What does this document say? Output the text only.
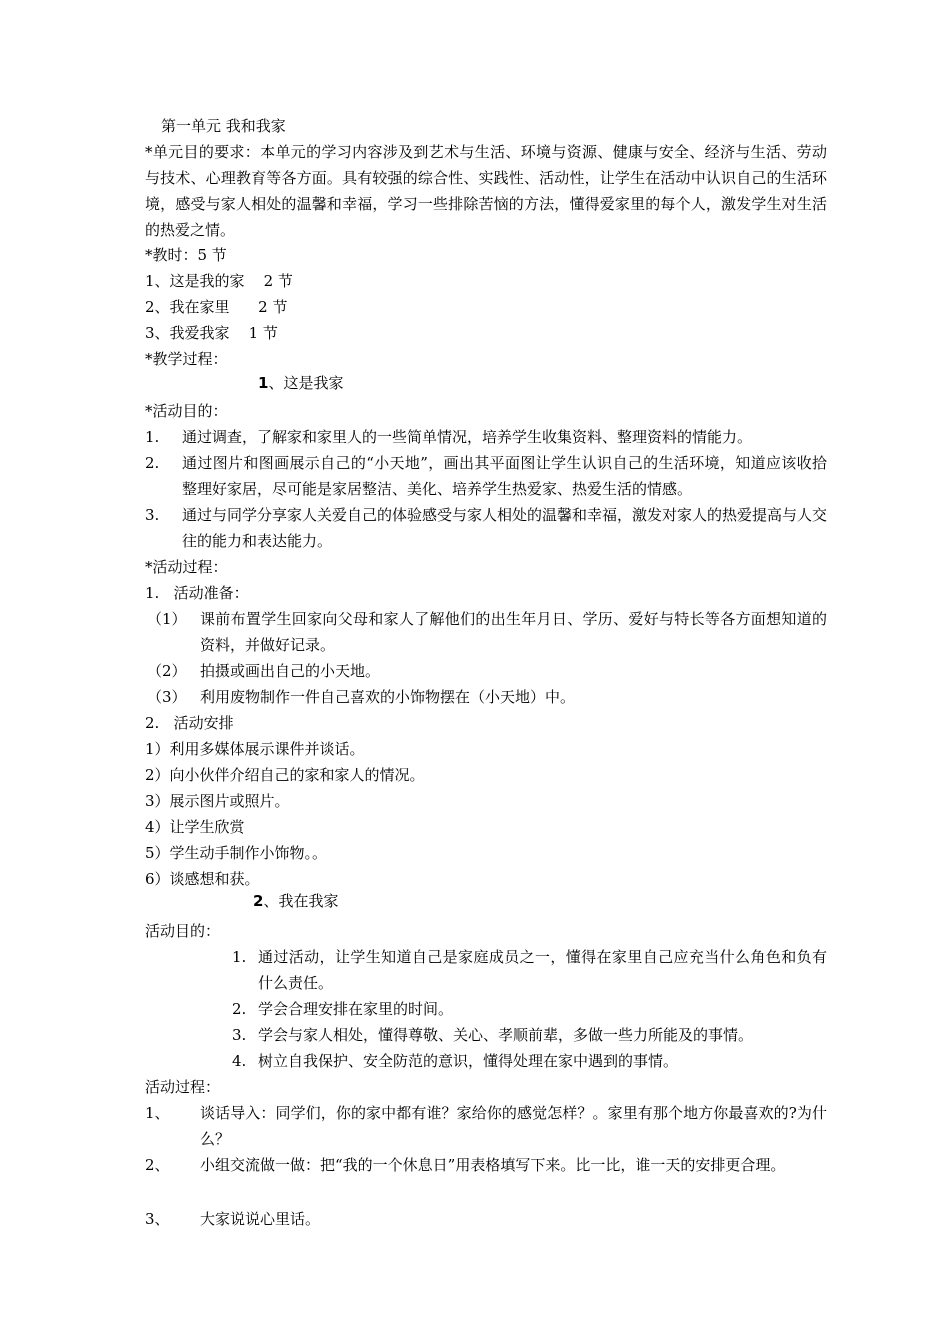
第一单元 我和我家
*单元目的要求：本单元的学习内容涉及到艺术与生活、环境与资源、健康与安全、经济与生活、劳动与技术、心理教育等各方面。具有较强的综合性、实践性、活动性，让学生在活动中认识自己的生活环境，感受与家人相处的温馨和幸福，学习一些排除苦恼的方法，懂得爱家里的每个人，激发学生对生活的热爱之情。
*教时：5 节
1、这是我的家    2 节
2、我在家里      2 节
3、我爱我家    1 节
*教学过程：
1、这是我家
*活动目的：
1. 通过调查，了解家和家里人的一些简单情况，培养学生收集资料、整理资料的情能力。
2. 通过图片和图画展示自己的“小天地”，画出其平面图让学生认识自己的生活环境，知道应该收拾整理好家居，尽可能是家居整洁、美化、培养学生热爱家、热爱生活的情感。
3. 通过与同学分享家人关爱自己的体验感受与家人相处的温馨和幸福，激发对家人的热爱提高与人交往的能力和表达能力。
*活动过程：
1.   活动准备：
（1） 课前布置学生回家向父母和家人了解他们的出生年月日、学历、爱好与特长等各方面想知道的资料，并做好记录。
（2） 拍摄或画出自己的小天地。
（3） 利用废物制作一件自己喜欢的小饰物摆在（小天地）中。
2.   活动安排
1）利用多媒体展示课件并谈话。
2）向小伙伴介绍自己的家和家人的情况。
3）展示图片或照片。
4）让学生欣赏
5）学生动手制作小饰物。。
6）谈感想和获。
2、我在我家
活动目的：
1. 通过活动，让学生知道自己是家庭成员之一，懂得在家里自己应充当什么角色和负有什么责任。
2. 学会合理安排在家里的时间。
3. 学会与家人相处，懂得尊敬、关心、孝顺前辈，多做一些力所能及的事情。
4. 树立自我保护、安全防范的意识，懂得处理在家中遇到的事情。
活动过程：
1、 谈话导入：同学们，你的家中都有谁？家给你的感觉怎样？。家里有那个地方你最喜欢的?为什么？
2、 小组交流做一做：把“我的一个休息日”用表格填写下来。比一比，谁一天的安排更合理。
3、 大家说说心里话。
